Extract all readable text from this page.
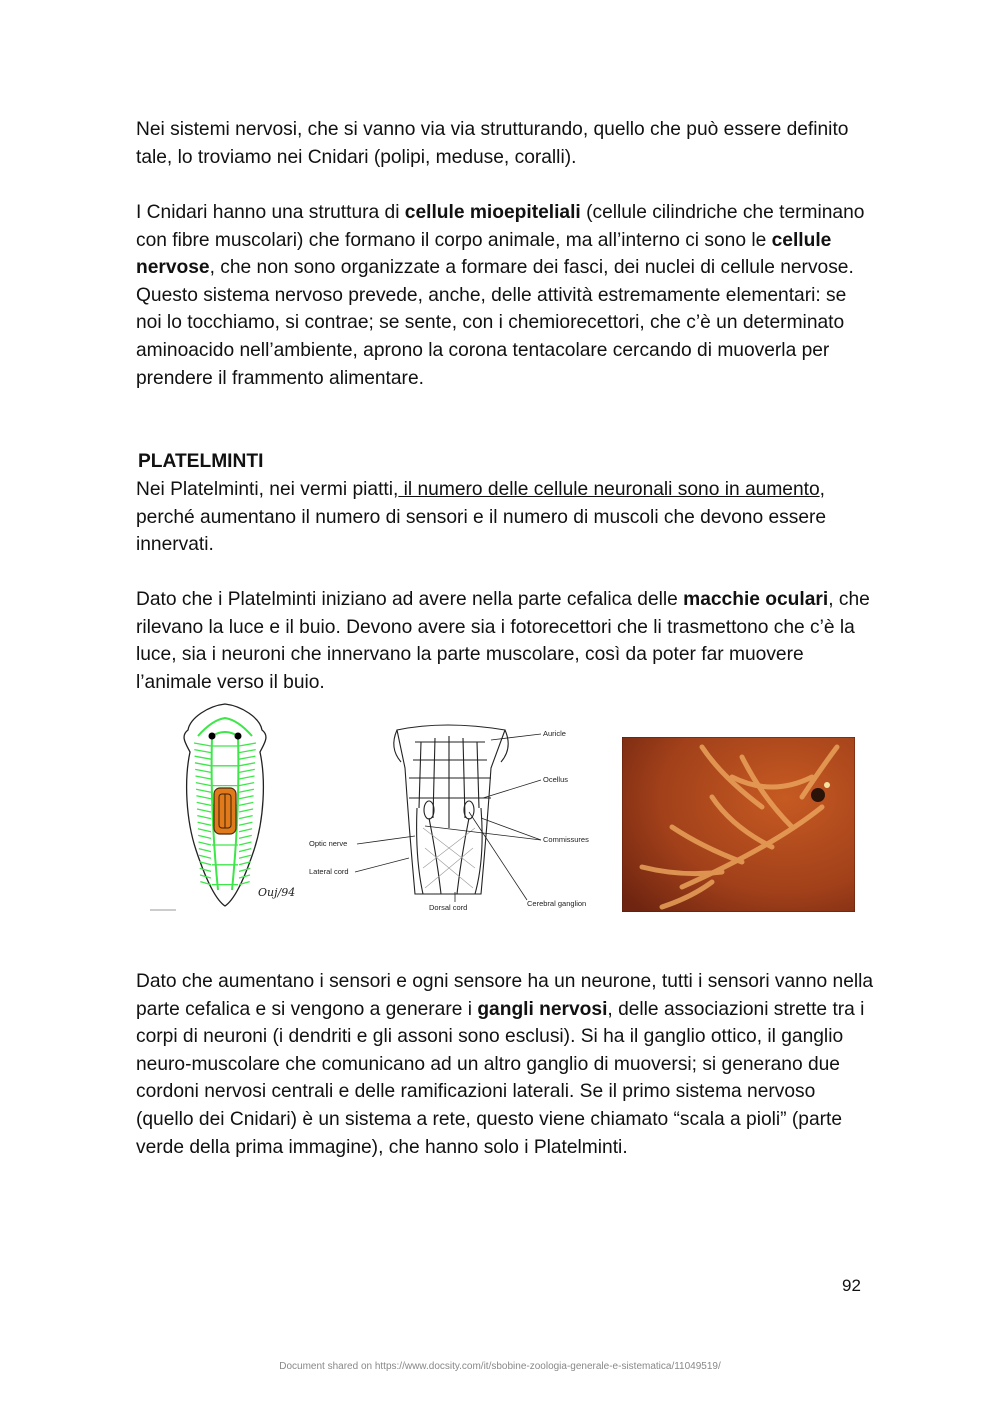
Nei sistemi nervosi, che si vanno via via strutturando, quello che può essere definito tale, lo troviamo nei Cnidari (polipi, meduse, coralli).

I Cnidari hanno una struttura di cellule mioepiteliali (cellule cilindriche che terminano con fibre muscolari) che formano il corpo animale, ma all’interno ci sono le cellule nervose, che non sono organizzate a formare dei fasci, dei nuclei di cellule nervose. Questo sistema nervoso prevede, anche, delle attività estremamente elementari: se noi lo tocchiamo, si contrae; se sente, con i chemiorecettori, che c’è un determinato aminoacido nell’ambiente, aprono la corona tentacolare cercando di muoverla per prendere il frammento alimentare.

PLATELMINTI

Nei Platelminti, nei vermi piatti, il numero delle cellule neuronali sono in aumento, perché aumentano il numero di sensori e il numero di muscoli che devono essere innervati.

Dato che i Platelminti iniziano ad avere nella parte cefalica delle macchie oculari, che rilevano la luce e il buio. Devono avere sia i fotorecettori che li trasmettono che c’è la luce, sia i neuroni che innervano la parte muscolare, così da poter far muovere l’animale verso il buio.

Ouj/94
Auricle
Ocellus
Commissures
Optic nerve
Lateral cord
Dorsal cord	Cerebral ganglion

Dato che aumentano i sensori e ogni sensore ha un neurone, tutti i sensori vanno nella parte cefalica e si vengono a generare i gangli nervosi, delle associazioni strette tra i corpi di neuroni (i dendriti e gli assoni sono esclusi). Si ha il ganglio ottico, il ganglio neuro-muscolare che comunicano ad un altro ganglio di muoversi; si generano due cordoni nervosi centrali e delle ramificazioni laterali. Se il primo sistema nervoso (quello dei Cnidari) è un sistema a rete, questo viene chiamato “scala a pioli” (parte verde della prima immagine), che hanno solo i Platelminti.

92
Document shared on https://www.docsity.com/it/sbobine-zoologia-generale-e-sistematica/11049519/
